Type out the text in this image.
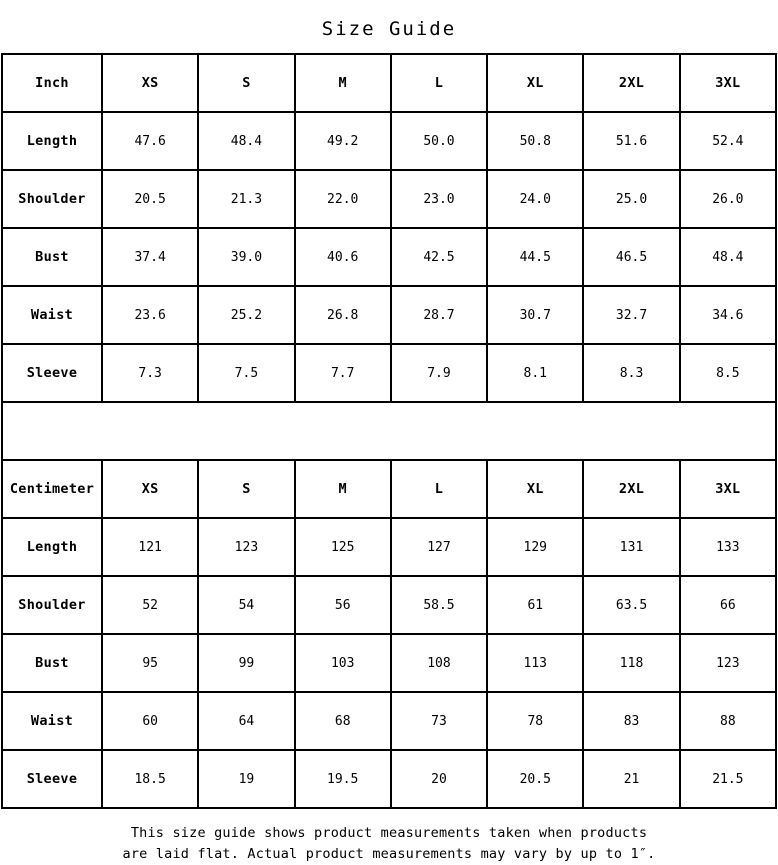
Size Guide
Inch	XS	S	M	L	XL	2XL	3XL
Length	47.6	48.4	49.2	50.0	50.8	51.6	52.4
Shoulder	20.5	21.3	22.0	23.0	24.0	25.0	26.0
Bust	37.4	39.0	40.6	42.5	44.5	46.5	48.4
Waist	23.6	25.2	26.8	28.7	30.7	32.7	34.6
Sleeve	7.3	7.5	7.7	7.9	8.1	8.3	8.5
Centimeter	XS	S	M	L	XL	2XL	3XL
Length	121	123	125	127	129	131	133
Shoulder	52	54	56	58.5	61	63.5	66
Bust	95	99	103	108	113	118	123
Waist	60	64	68	73	78	83	88
Sleeve	18.5	19	19.5	20	20.5	21	21.5
This size guide shows product measurements taken when products
are laid flat. Actual product measurements may vary by up to 1″.
